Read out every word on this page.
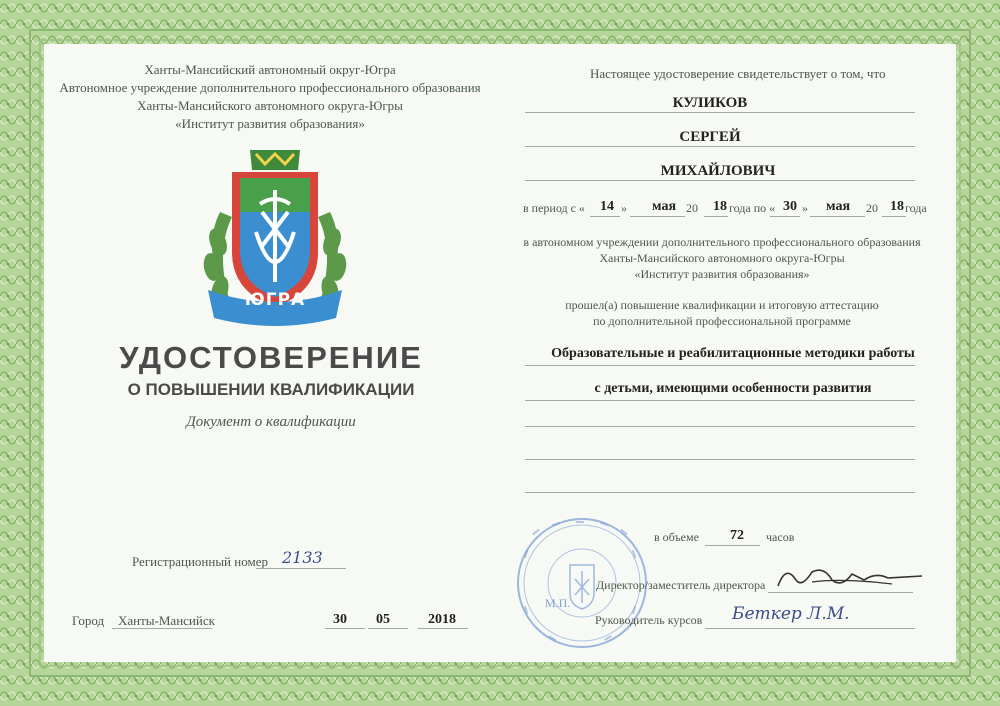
Ханты-Мансийский автономный округ-Югра
Автономное учреждение дополнительного профессионального образования
Ханты-Мансийского автономного округа-Югры
«Институт развития образования»
ЮГРА
УДОСТОВЕРЕНИЕ
О ПОВЫШЕНИИ КВАЛИФИКАЦИИ
Документ о квалификации
Регистрационный номер 2133
Город Ханты-Мансийск	30 05	2018
Настоящее удостоверение свидетельствует о том, что
КУЛИКОВ
СЕРГЕЙ
МИХАЙЛОВИЧ
в период с « 14 » мая 20 18 года по « 30 » мая 20 18 года
в автономном учреждении дополнительного профессионального образования
Ханты-Мансийского автономного округа-Югры
«Институт развития образования»
прошел(а) повышение квалификации и итоговую аттестацию
по дополнительной профессиональной программе
Образовательные и реабилитационные методики работы
с детьми, имеющими особенности развития
в объеме 72 часов
М.П.
Директор/заместитель директора
Руководитель курсов Беткер Л.М.
